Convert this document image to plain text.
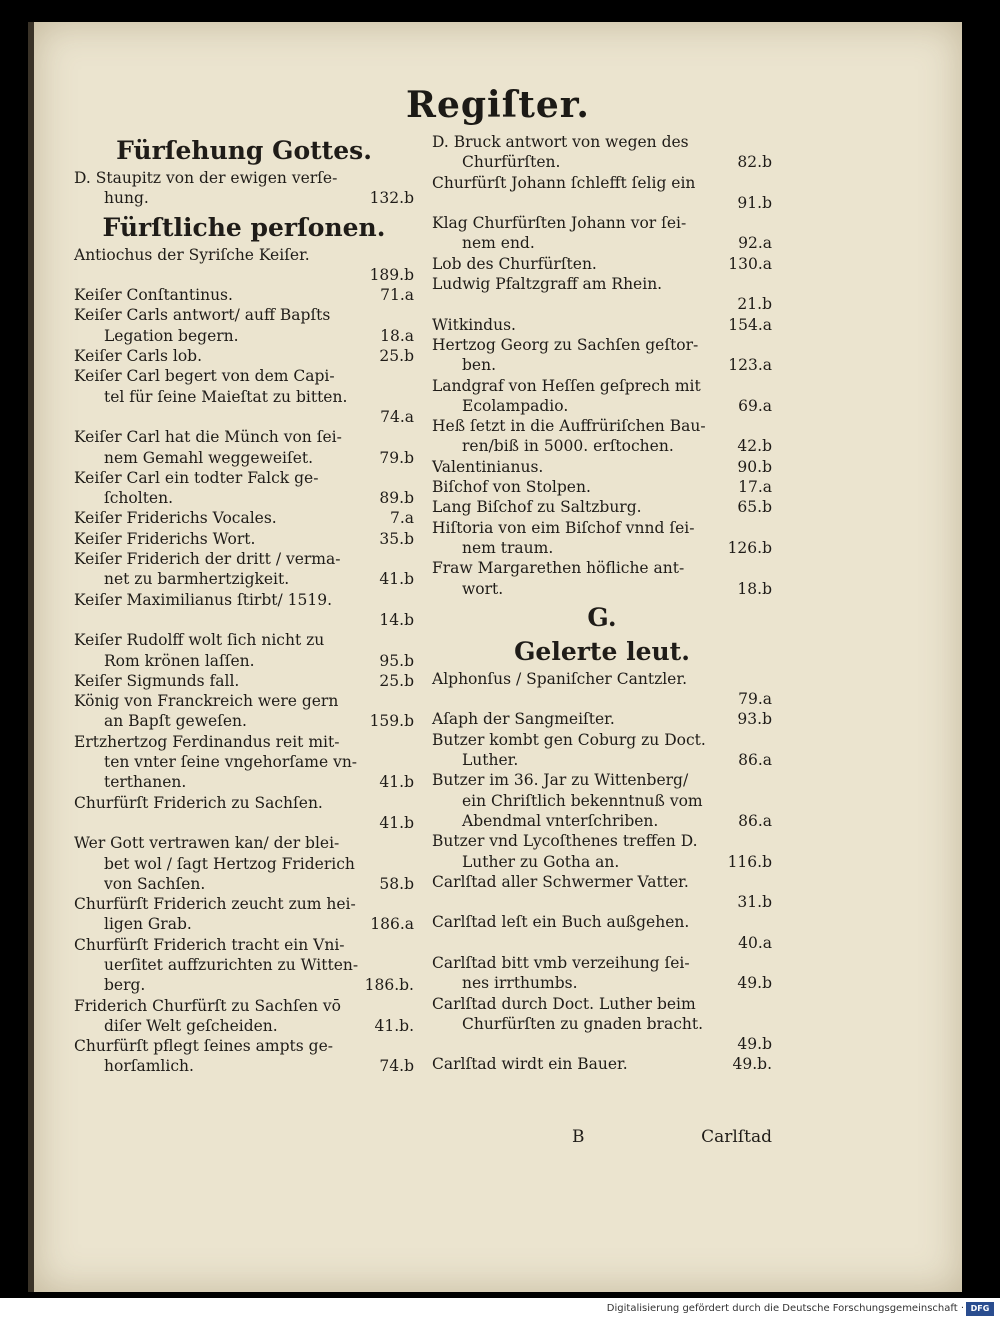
Regiſter.
Fürſehung Gottes.
D. Staupitz von der ewigen verſe‑
hung.	132.b
Fürſtliche perſonen.
Antiochus der Syriſche Keiſer.
189.b
Keiſer Conſtantinus.	71.a
Keiſer Carls antwort/ auff Bapſts
Legation begern.	18.a
Keiſer Carls lob.	25.b
Keiſer Carl begert von dem Capi‑
tel für ſeine Maieſtat zu bitten.
74.a
Keiſer Carl hat die Münch von ſei‑
nem Gemahl weggeweiſet.	79.b
Keiſer Carl ein todter Falck ge‑
ſcholten.	89.b
Keiſer Friderichs Vocales.	7.a
Keiſer Friderichs Wort.	35.b
Keiſer Friderich der dritt / verma‑
net zu barmhertzigkeit.	41.b
Keiſer Maximilianus ſtirbt/ 1519.
14.b
Keiſer Rudolff wolt ſich nicht zu
Rom krönen laſſen.	95.b
Keiſer Sigmunds fall.	25.b
König von Franckreich were gern
an Bapſt geweſen.	159.b
Ertzhertzog Ferdinandus reit mit‑
ten vnter ſeine vngehorſame vn‑
terthanen.	41.b
Churfürſt Friderich zu Sachſen.
41.b
Wer Gott vertrawen kan/ der blei‑
bet wol / ſagt Hertzog Friderich
von Sachſen.	58.b
Churfürſt Friderich zeucht zum hei‑
ligen Grab.	186.a
Churfürſt Friderich tracht ein Vni‑
uerſitet auffzurichten zu Witten‑
berg.	186.b.
Friderich Churfürſt zu Sachſen vō
diſer Welt geſcheiden.	41.b.
Churfürſt pflegt ſeines ampts ge‑
horſamlich.	74.b
D. Bruck antwort von wegen des
Churfürſten.	82.b
Churfürſt Johann ſchlefft ſelig ein
91.b
Klag Churfürſten Johann vor ſei‑
nem end.	92.a
Lob des Churfürſten.	130.a
Ludwig Pfaltzgraff am Rhein.
21.b
Witkindus.	154.a
Hertzog Georg zu Sachſen geſtor‑
ben.	123.a
Landgraf von Heſſen geſprech mit
Ecolampadio.	69.a
Heß ſetzt in die Auffrüriſchen Bau‑
ren/biß in 5000. erſtochen.	42.b
Valentinianus.	90.b
Biſchof von Stolpen.	17.a
Lang Biſchof zu Saltzburg.	65.b
Hiſtoria von eim Biſchof vnnd ſei‑
nem traum.	126.b
Fraw Margarethen höfliche ant‑
wort.	18.b
G.
Gelerte leut.
Alphonſus / Spaniſcher Cantzler.
79.a
Aſaph der Sangmeiſter.	93.b
Butzer kombt gen Coburg zu Doct.
Luther.	86.a
Butzer im 36. Jar zu Wittenberg/
ein Chriſtlich bekenntnuß vom
Abendmal vnterſchriben.	86.a
Butzer vnd Lycoſthenes treffen D.
Luther zu Gotha an.	116.b
Carlſtad aller Schwermer Vatter.
31.b
Carlſtad leſt ein Buch außgehen.
40.a
Carlſtad bitt vmb verzeihung ſei‑
nes irrthumbs.	49.b
Carlſtad durch Doct. Luther beim
Churfürſten zu gnaden bracht.
49.b
Carlſtad wirdt ein Bauer.	49.b.
B	Carlſtad
Digitalisierung gefördert durch die Deutsche Forschungsgemeinschaft · DFG
